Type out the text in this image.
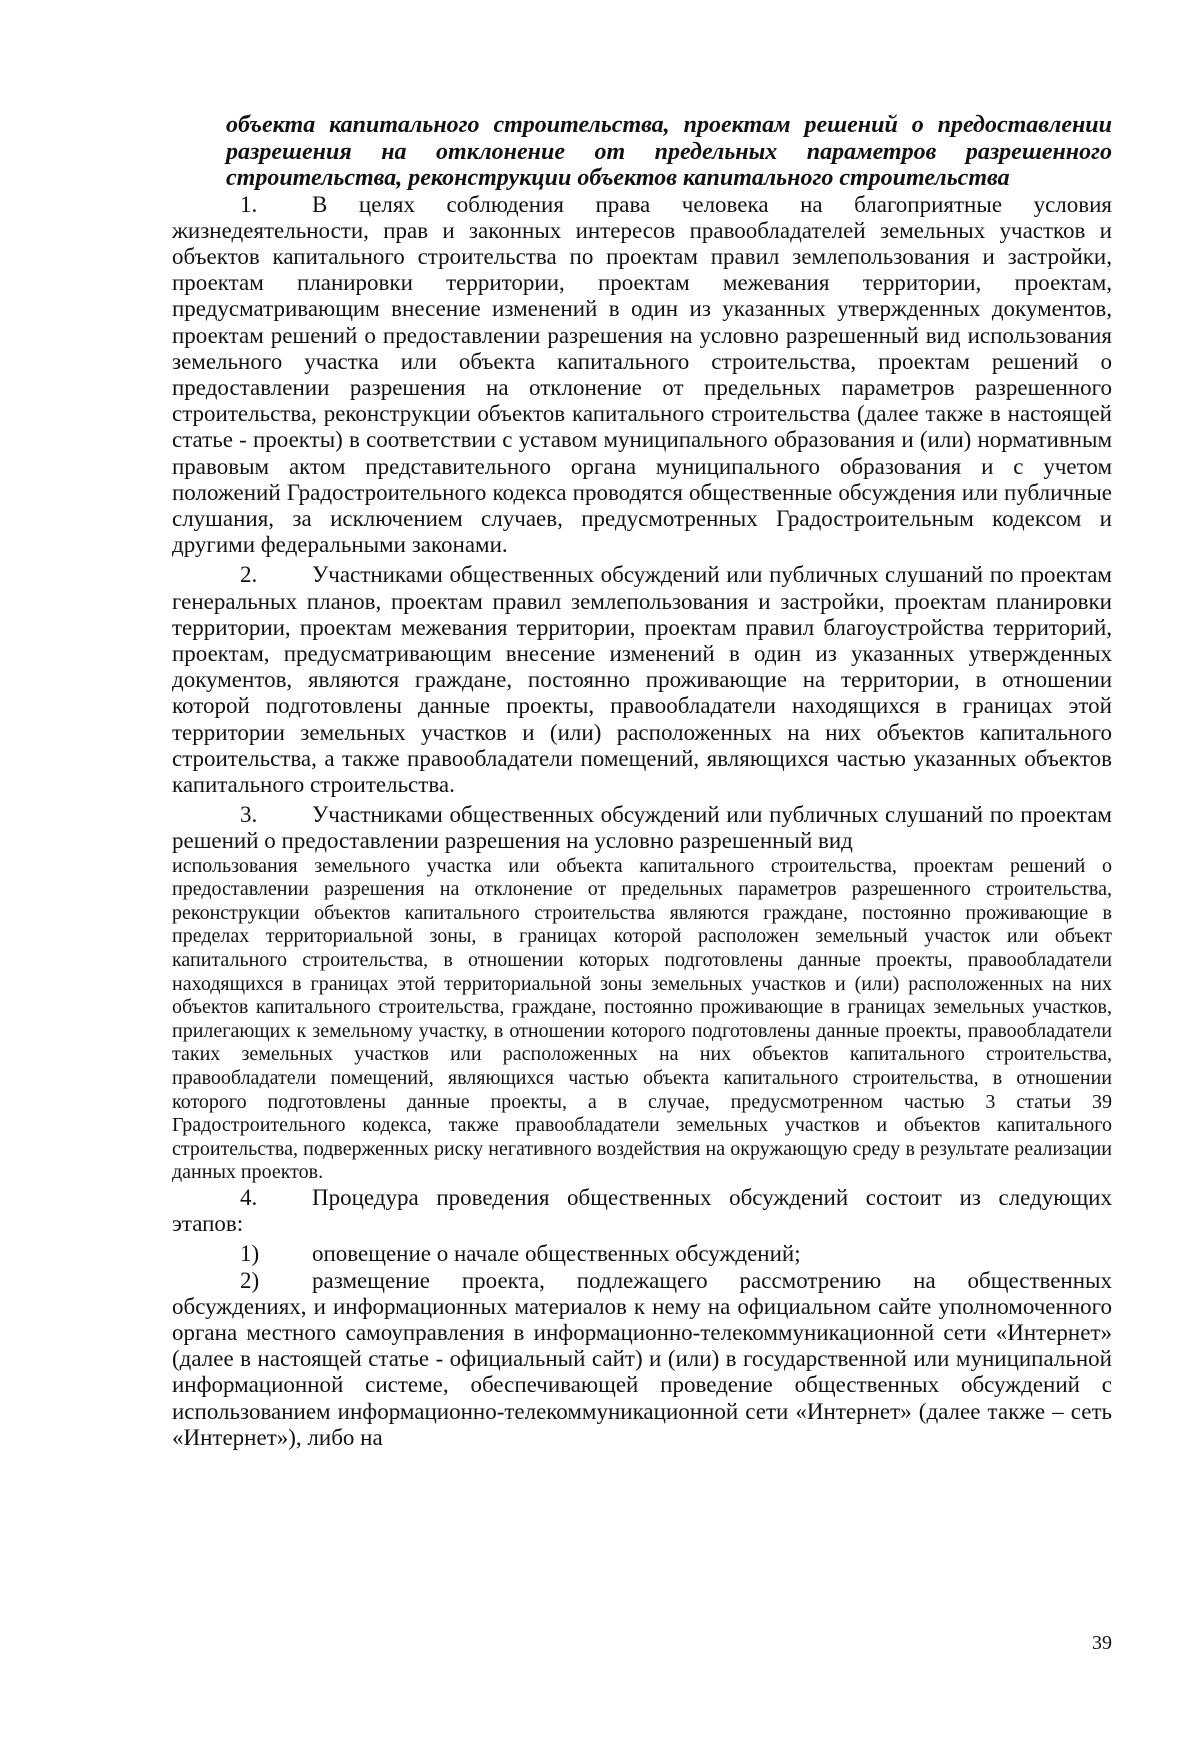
объекта капитального строительства, проектам решений о предоставлении разрешения на отклонение от предельных параметров разрешенного строительства, реконструкции объектов капитального строительства

1. В целях соблюдения права человека на благоприятные условия жизнедеятельности, прав и законных интересов правообладателей земельных участков и объектов капитального строительства по проектам правил землепользования и застройки, проектам планировки территории, проектам межевания территории, проектам, предусматривающим внесение изменений в один из указанных утвержденных документов, проектам решений о предоставлении разрешения на условно разрешенный вид использования земельного участка или объекта капитального строительства, проектам решений о предоставлении разрешения на отклонение от предельных параметров разрешенного строительства, реконструкции объектов капитального строительства (далее также в настоящей статье - проекты) в соответствии с уставом муниципального образования и (или) нормативным правовым актом представительного органа муниципального образования и с учетом положений Градостроительного кодекса проводятся общественные обсуждения или публичные слушания, за исключением случаев, предусмотренных Градостроительным кодексом и другими федеральными законами.

2. Участниками общественных обсуждений или публичных слушаний по проектам генеральных планов, проектам правил землепользования и застройки, проектам планировки территории, проектам межевания территории, проектам правил благоустройства территорий, проектам, предусматривающим внесение изменений в один из указанных утвержденных документов, являются граждане, постоянно проживающие на территории, в отношении которой подготовлены данные проекты, правообладатели находящихся в границах этой территории земельных участков и (или) расположенных на них объектов капитального строительства, а также правообладатели помещений, являющихся частью указанных объектов капитального строительства.

3. Участниками общественных обсуждений или публичных слушаний по проектам решений о предоставлении разрешения на условно разрешенный вид

использования земельного участка или объекта капитального строительства, проектам решений о предоставлении разрешения на отклонение от предельных параметров разрешенного строительства, реконструкции объектов капитального строительства являются граждане, постоянно проживающие в пределах территориальной зоны, в границах которой расположен земельный участок или объект капитального строительства, в отношении которых подготовлены данные проекты, правообладатели находящихся в границах этой территориальной зоны земельных участков и (или) расположенных на них объектов капитального строительства, граждане, постоянно проживающие в границах земельных участков, прилегающих к земельному участку, в отношении которого подготовлены данные проекты, правообладатели таких земельных участков или расположенных на них объектов капитального строительства, правообладатели помещений, являющихся частью объекта капитального строительства, в отношении которого подготовлены данные проекты, а в случае, предусмотренном частью 3 статьи 39 Градостроительного кодекса, также правообладатели земельных участков и объектов капитального строительства, подверженных риску негативного воздействия на окружающую среду в результате реализации данных проектов.

4. Процедура проведения общественных обсуждений состоит из следующих этапов:

1) оповещение о начале общественных обсуждений;

2) размещение проекта, подлежащего рассмотрению на общественных обсуждениях, и информационных материалов к нему на официальном сайте уполномоченного органа местного самоуправления в информационно-телекоммуникационной сети «Интернет» (далее в настоящей статье - официальный сайт) и (или) в государственной или муниципальной информационной системе, обеспечивающей проведение общественных обсуждений с использованием информационно-телекоммуникационной сети «Интернет» (далее также – сеть «Интернет»), либо на

39
